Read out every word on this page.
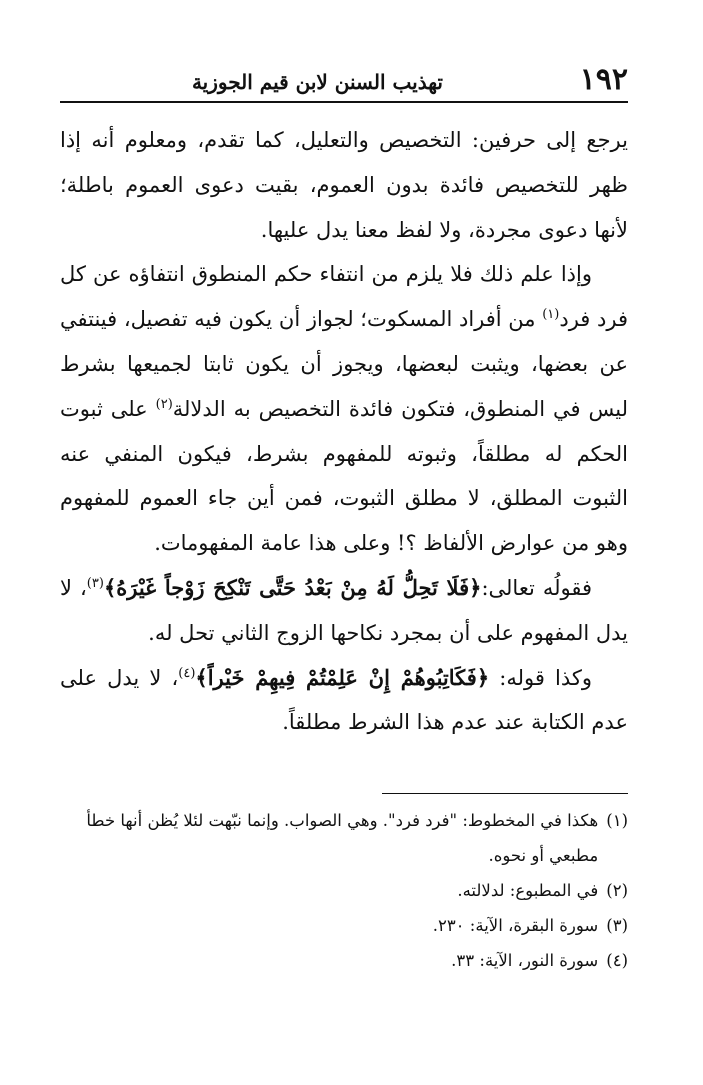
١٩٢
تهذيب السنن لابن قيم الجوزية

يرجع إلى حرفين: التخصيص والتعليل، كما تقدم، ومعلوم أنه إذا ظهر للتخصيص فائدة بدون العموم، بقيت دعوى العموم باطلة؛ لأنها دعوى مجردة، ولا لفظ معنا يدل عليها.

وإذا علم ذلك فلا يلزم من انتفاء حكم المنطوق انتفاؤه عن كل فرد فرد$^{(١)}$ من أفراد المسكوت؛ لجواز أن يكون فيه تفصيل، فينتفي عن بعضها، ويثبت لبعضها، ويجوز أن يكون ثابتا لجميعها بشرط ليس في المنطوق، فتكون فائدة التخصيص به الدلالة$^{(٢)}$ على ثبوت الحكم له مطلقاً، وثبوته للمفهوم بشرط، فيكون المنفي عنه الثبوت المطلق، لا مطلق الثبوت، فمن أين جاء العموم للمفهوم وهو من عوارض الألفاظ ؟! وعلى هذا عامة المفهومات.

فقولُه تعالى:﴿فَلَا تَحِلُّ لَهُ مِنْ بَعْدُ حَتَّى تَنْكِحَ زَوْجاً غَيْرَهُ﴾$^{(٣)}$، لا يدل المفهوم على أن بمجرد نكاحها الزوج الثاني تحل له.

وكذا قوله: ﴿فَكَاتِبُوهُمْ إِنْ عَلِمْتُمْ فِيهِمْ خَيْراً﴾$^{(٤)}$، لا يدل على عدم الكتابة عند عدم هذا الشرط مطلقاً.

(١)
هكذا في المخطوط: "فرد فرد". وهي الصواب. وإنما نبّهت لئلا يُظن أنها خطأ مطبعي أو نحوه.
(٢)
في المطبوع: لدلالته.
(٣)
سورة البقرة، الآية: ٢٣٠.
(٤)
سورة النور، الآية: ٣٣.
